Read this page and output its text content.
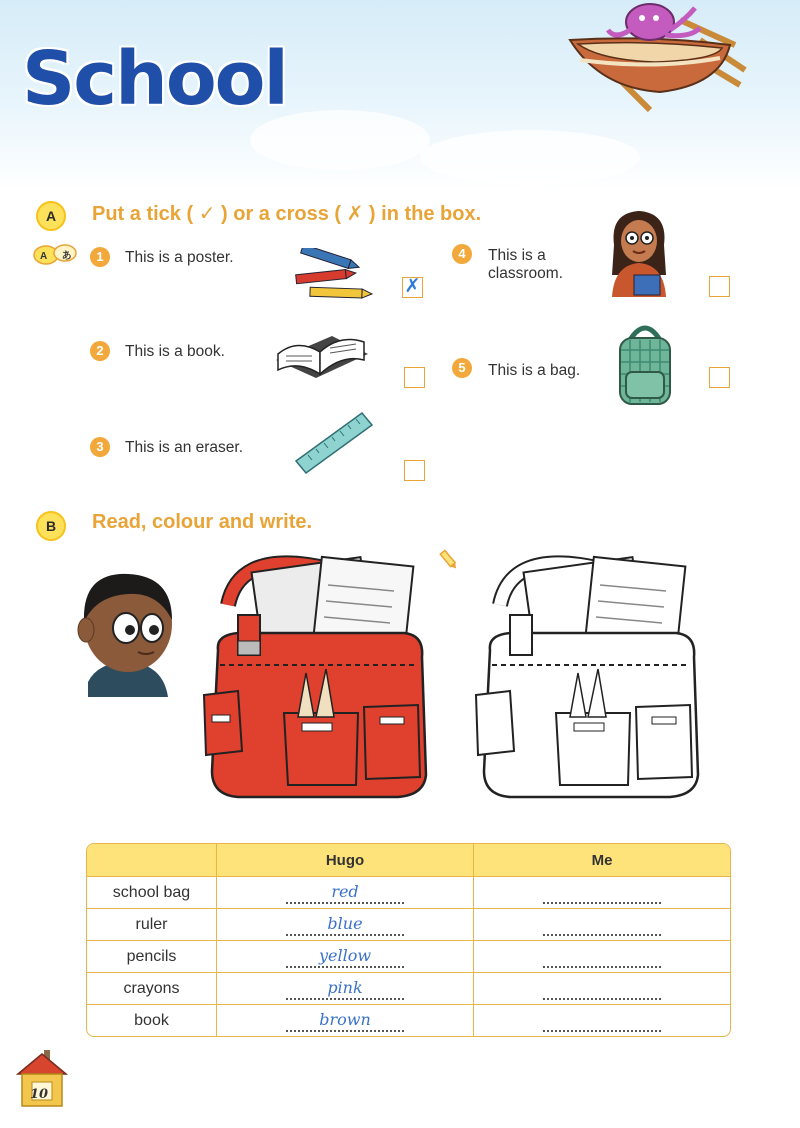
School
A	Put a tick ( ✓ ) or a cross ( ✗ ) in the box.
A あ	1	This is a poster.
✗
2	This is a book.
3	This is an eraser.
4	This is a classroom.
5	This is a bag.
B	Read, colour and write.
	Hugo	Me
school bag	red	

ruler	blue	

pencils	yellow	

crayons	pink	

book	brown	

10
